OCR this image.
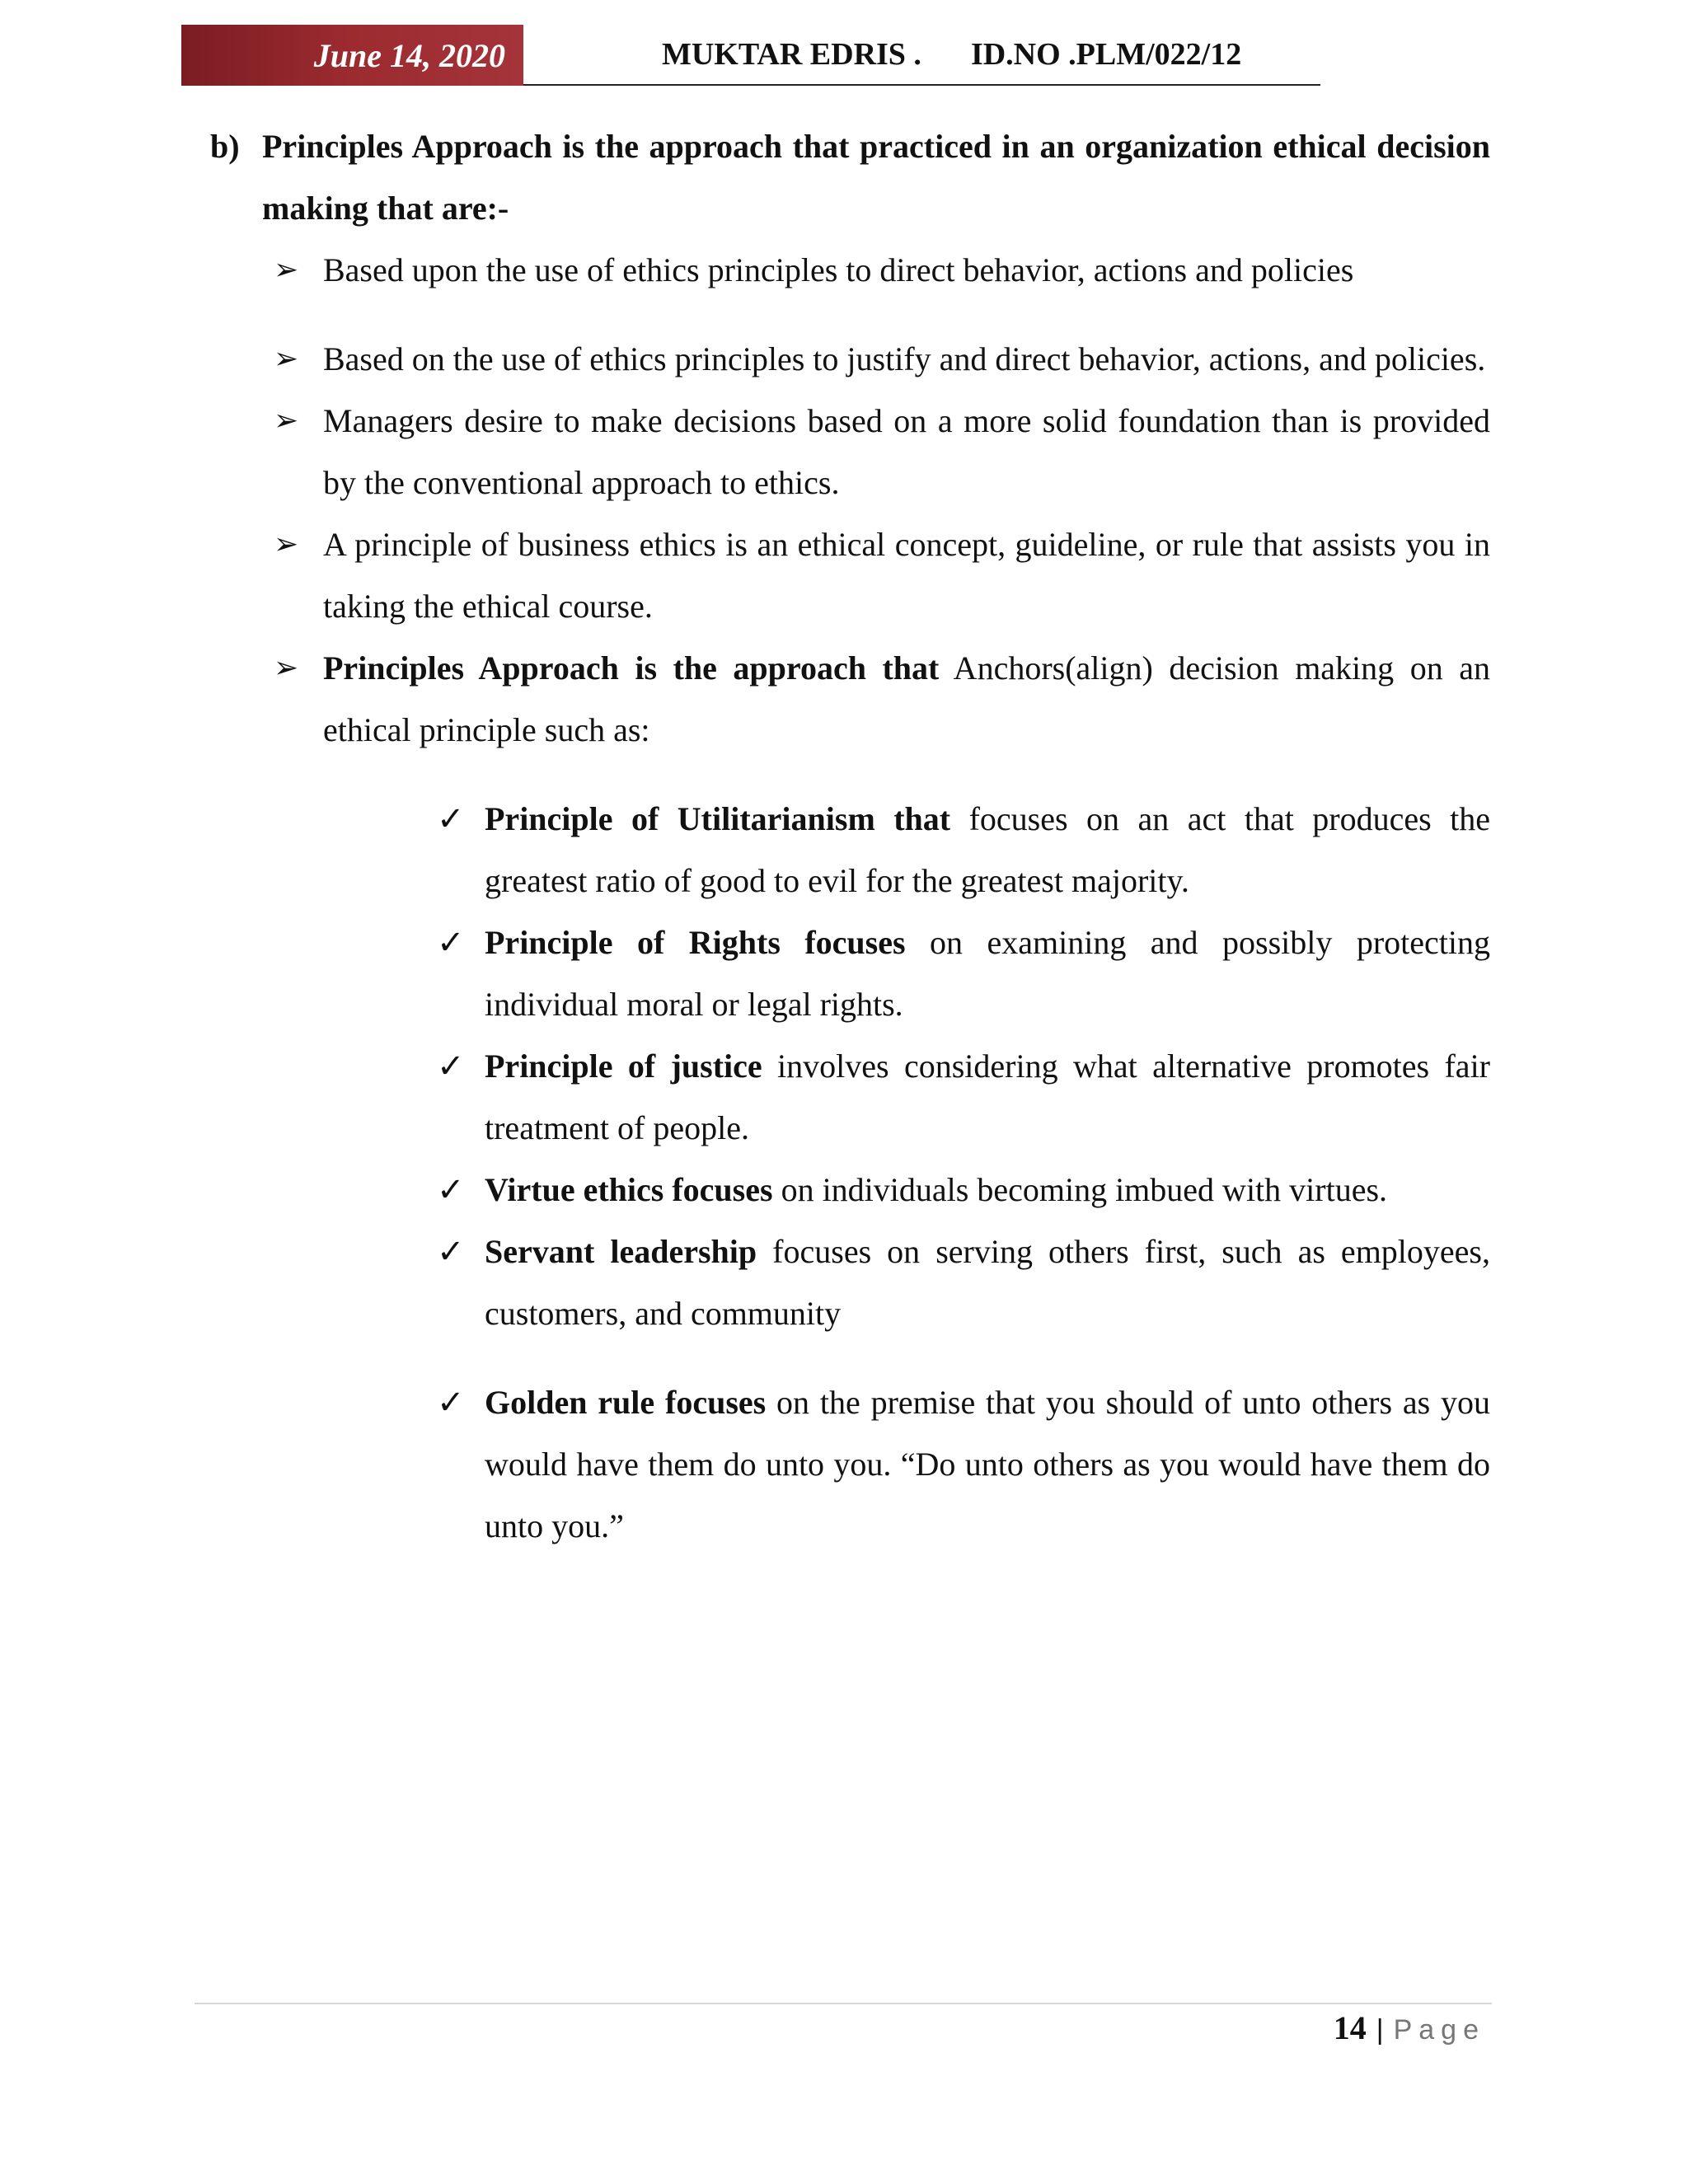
June 14, 2020	MUKTAR EDRIS . ID.NO .PLM/022/12
b) Principles Approach is the approach that practiced in an organization ethical decision making that are:-
➢ Based upon the use of ethics principles to direct behavior, actions and policies
➢ Based on the use of ethics principles to justify and direct behavior, actions, and policies.
➢ Managers desire to make decisions based on a more solid foundation than is provided by the conventional approach to ethics.
➢ A principle of business ethics is an ethical concept, guideline, or rule that assists you in taking the ethical course.
➢ Principles Approach is the approach that Anchors(align) decision making on an ethical principle such as:
✓ Principle of Utilitarianism that focuses on an act that produces the greatest ratio of good to evil for the greatest majority.
✓ Principle of Rights focuses on examining and possibly protecting individual moral or legal rights.
✓ Principle of justice involves considering what alternative promotes fair treatment of people.
✓ Virtue ethics focuses on individuals becoming imbued with virtues.
✓ Servant leadership focuses on serving others first, such as employees, customers, and community
✓ Golden rule focuses on the premise that you should of unto others as you would have them do unto you. “Do unto others as you would have them do unto you.”
14 | Page
